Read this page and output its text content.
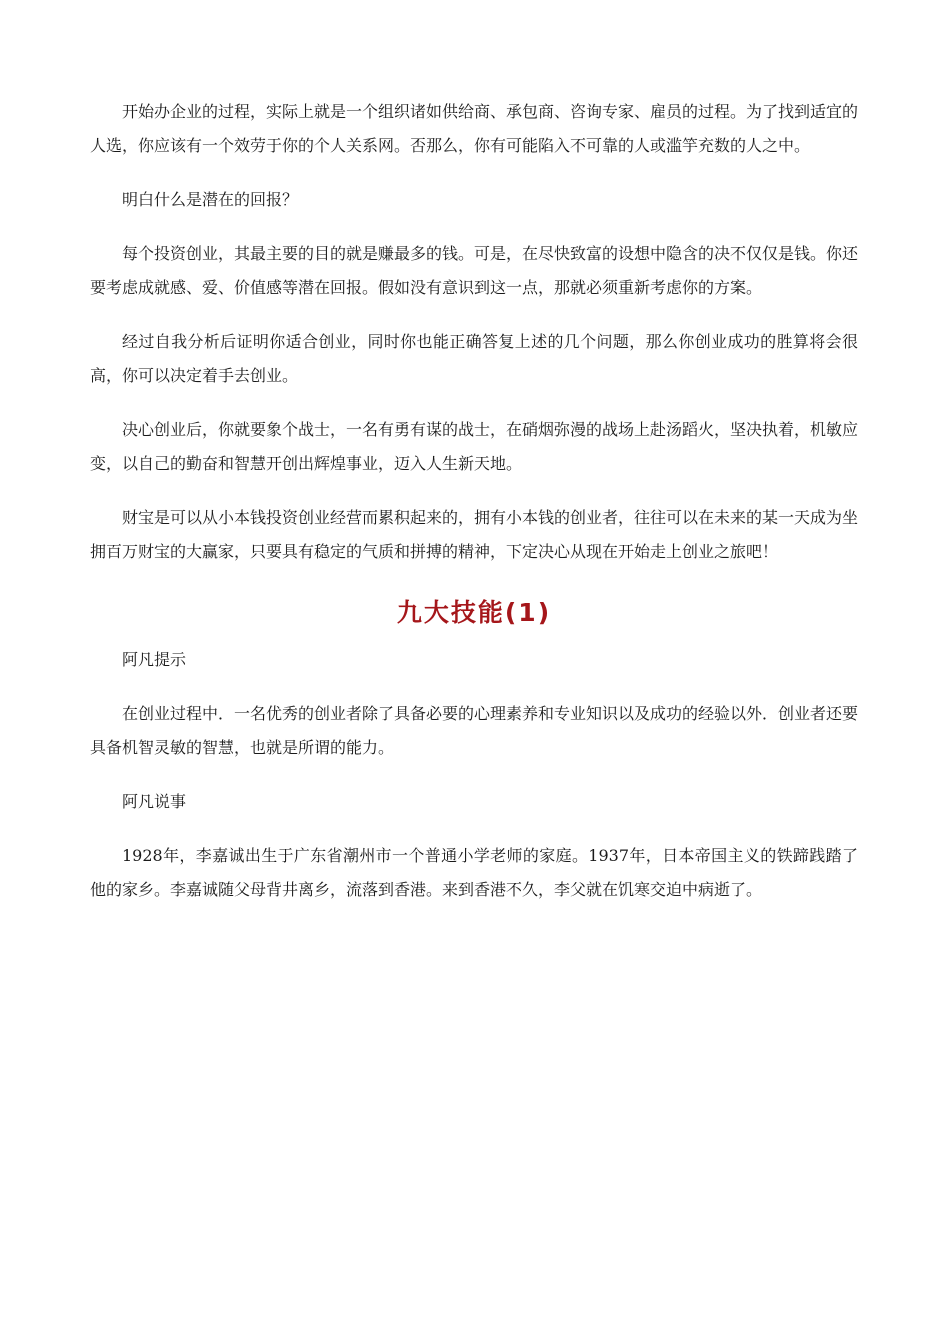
开始办企业的过程，实际上就是一个组织诸如供给商、承包商、咨询专家、雇员的过程。为了找到适宜的人选，你应该有一个效劳于你的个人关系网。否那么，你有可能陷入不可靠的人或滥竽充数的人之中。

明白什么是潜在的回报？

每个投资创业，其最主要的目的就是赚最多的钱。可是，在尽快致富的设想中隐含的决不仅仅是钱。你还要考虑成就感、爱、价值感等潜在回报。假如没有意识到这一点，那就必须重新考虑你的方案。

经过自我分析后证明你适合创业，同时你也能正确答复上述的几个问题，那么你创业成功的胜算将会很高，你可以决定着手去创业。

决心创业后，你就要象个战士，一名有勇有谋的战士，在硝烟弥漫的战场上赴汤蹈火，坚决执着，机敏应变，以自己的勤奋和智慧开创出辉煌事业，迈入人生新天地。

财宝是可以从小本钱投资创业经营而累积起来的，拥有小本钱的创业者，往往可以在未来的某一天成为坐拥百万财宝的大赢家，只要具有稳定的气质和拼搏的精神，下定决心从现在开始走上创业之旅吧！

九大技能(1)

阿凡提示

在创业过程中．一名优秀的创业者除了具备必要的心理素养和专业知识以及成功的经验以外．创业者还要具备机智灵敏的智慧，也就是所谓的能力。

阿凡说事

1928年，李嘉诚出生于广东省潮州市一个普通小学老师的家庭。1937年，日本帝国主义的铁蹄践踏了他的家乡。李嘉诚随父母背井离乡，流落到香港。来到香港不久，李父就在饥寒交迫中病逝了。
